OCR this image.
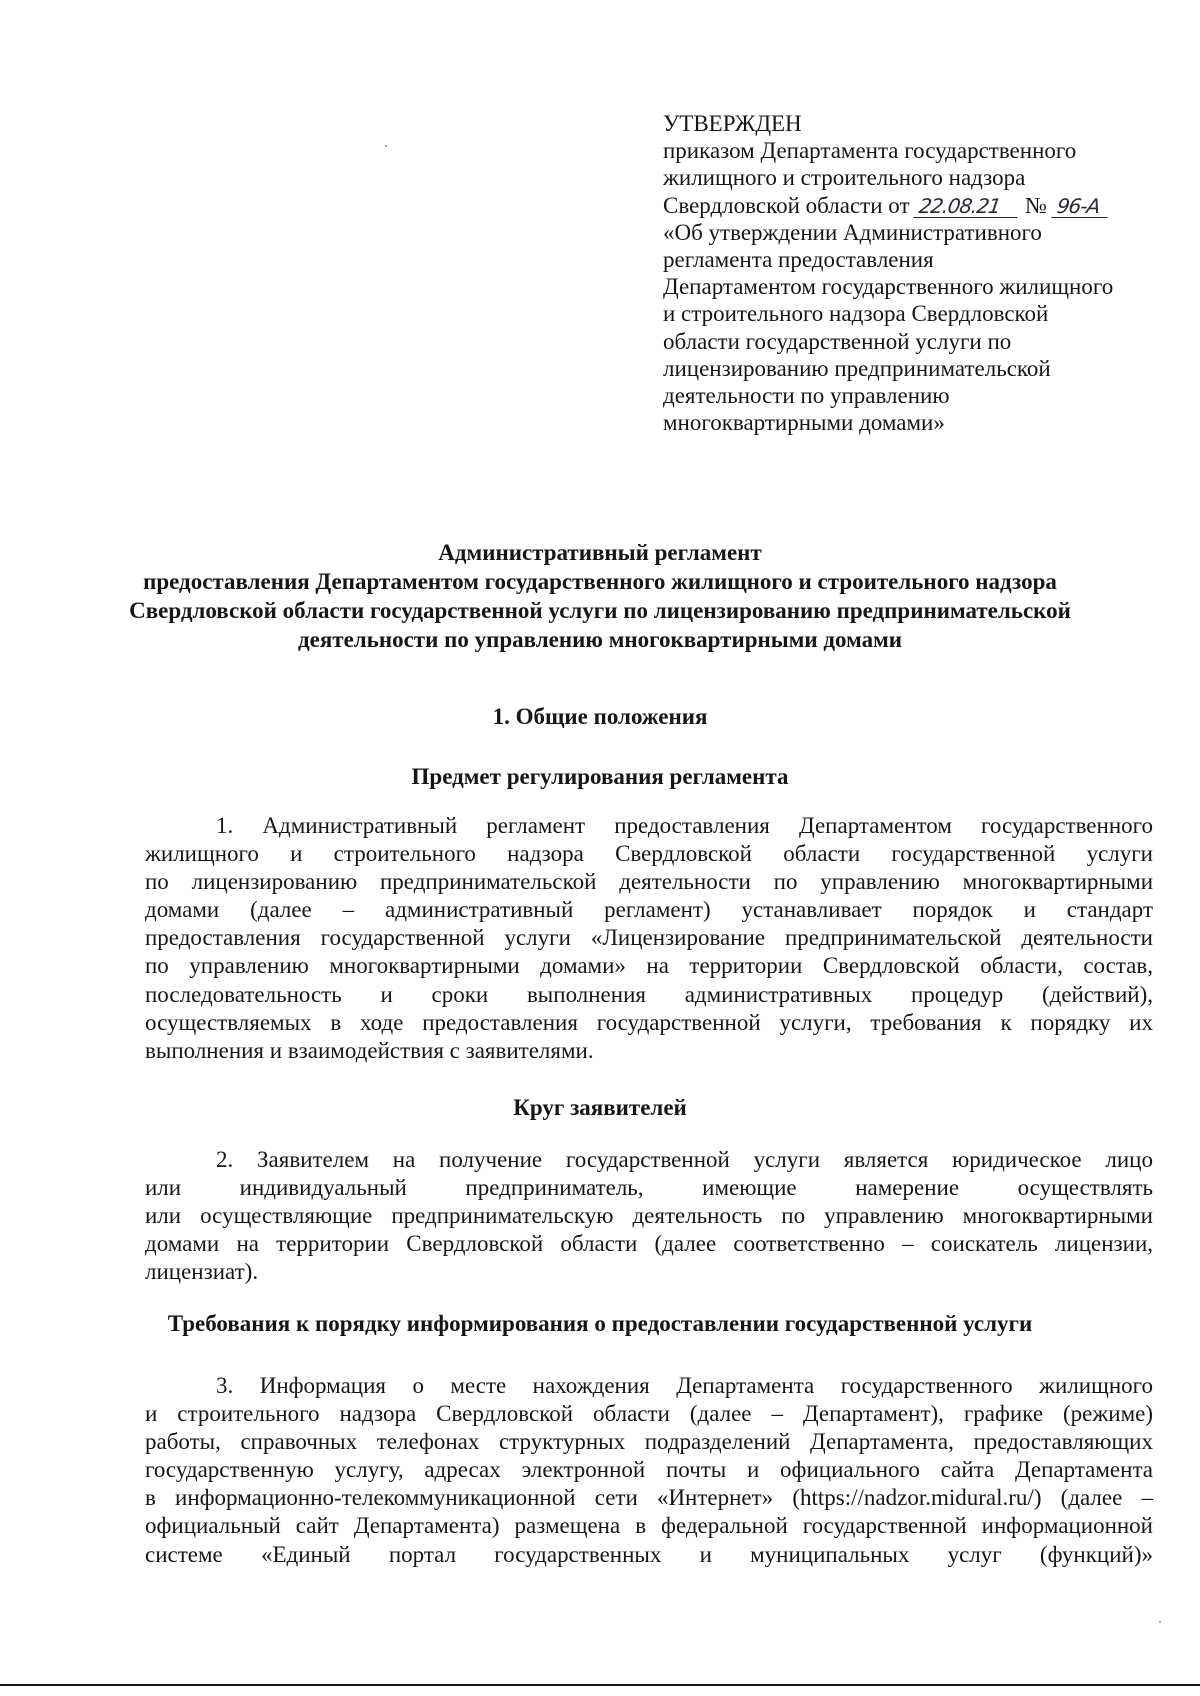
УТВЕРЖДЕН
приказом Департамента государственного
жилищного и строительного надзора
Свердловской области от 22.08.21 № 96-А
«Об утверждении Административного
регламента предоставления
Департаментом государственного жилищного
и строительного надзора Свердловской
области государственной услуги по
лицензированию предпринимательской
деятельности по управлению
многоквартирными домами»
Административный регламент
предоставления Департаментом государственного жилищного и строительного надзора
Свердловской области государственной услуги по лицензированию предпринимательской
деятельности по управлению многоквартирными домами
1. Общие положения
Предмет регулирования регламента
1. Административный регламент предоставления Департаментом государственного
жилищного и строительного надзора Свердловской области государственной услуги
по лицензированию предпринимательской деятельности по управлению многоквартирными
домами (далее – административный регламент) устанавливает порядок и стандарт
предоставления государственной услуги «Лицензирование предпринимательской деятельности
по управлению многоквартирными домами» на территории Свердловской области, состав,
последовательность и сроки выполнения административных процедур (действий),
осуществляемых в ходе предоставления государственной услуги, требования к порядку их
выполнения и взаимодействия с заявителями.
Круг заявителей
2. Заявителем на получение государственной услуги является юридическое лицо
или индивидуальный предприниматель, имеющие намерение осуществлять
или осуществляющие предпринимательскую деятельность по управлению многоквартирными
домами на территории Свердловской области (далее соответственно – соискатель лицензии,
лицензиат).
Требования к порядку информирования о предоставлении государственной услуги
3. Информация о месте нахождения Департамента государственного жилищного
и строительного надзора Свердловской области (далее – Департамент), графике (режиме)
работы, справочных телефонах структурных подразделений Департамента, предоставляющих
государственную услугу, адресах электронной почты и официального сайта Департамента
в информационно-телекоммуникационной сети «Интернет» (https://nadzor.midural.ru/) (далее –
официальный сайт Департамента) размещена в федеральной государственной информационной
системе «Единый портал государственных и муниципальных услуг (функций)»
